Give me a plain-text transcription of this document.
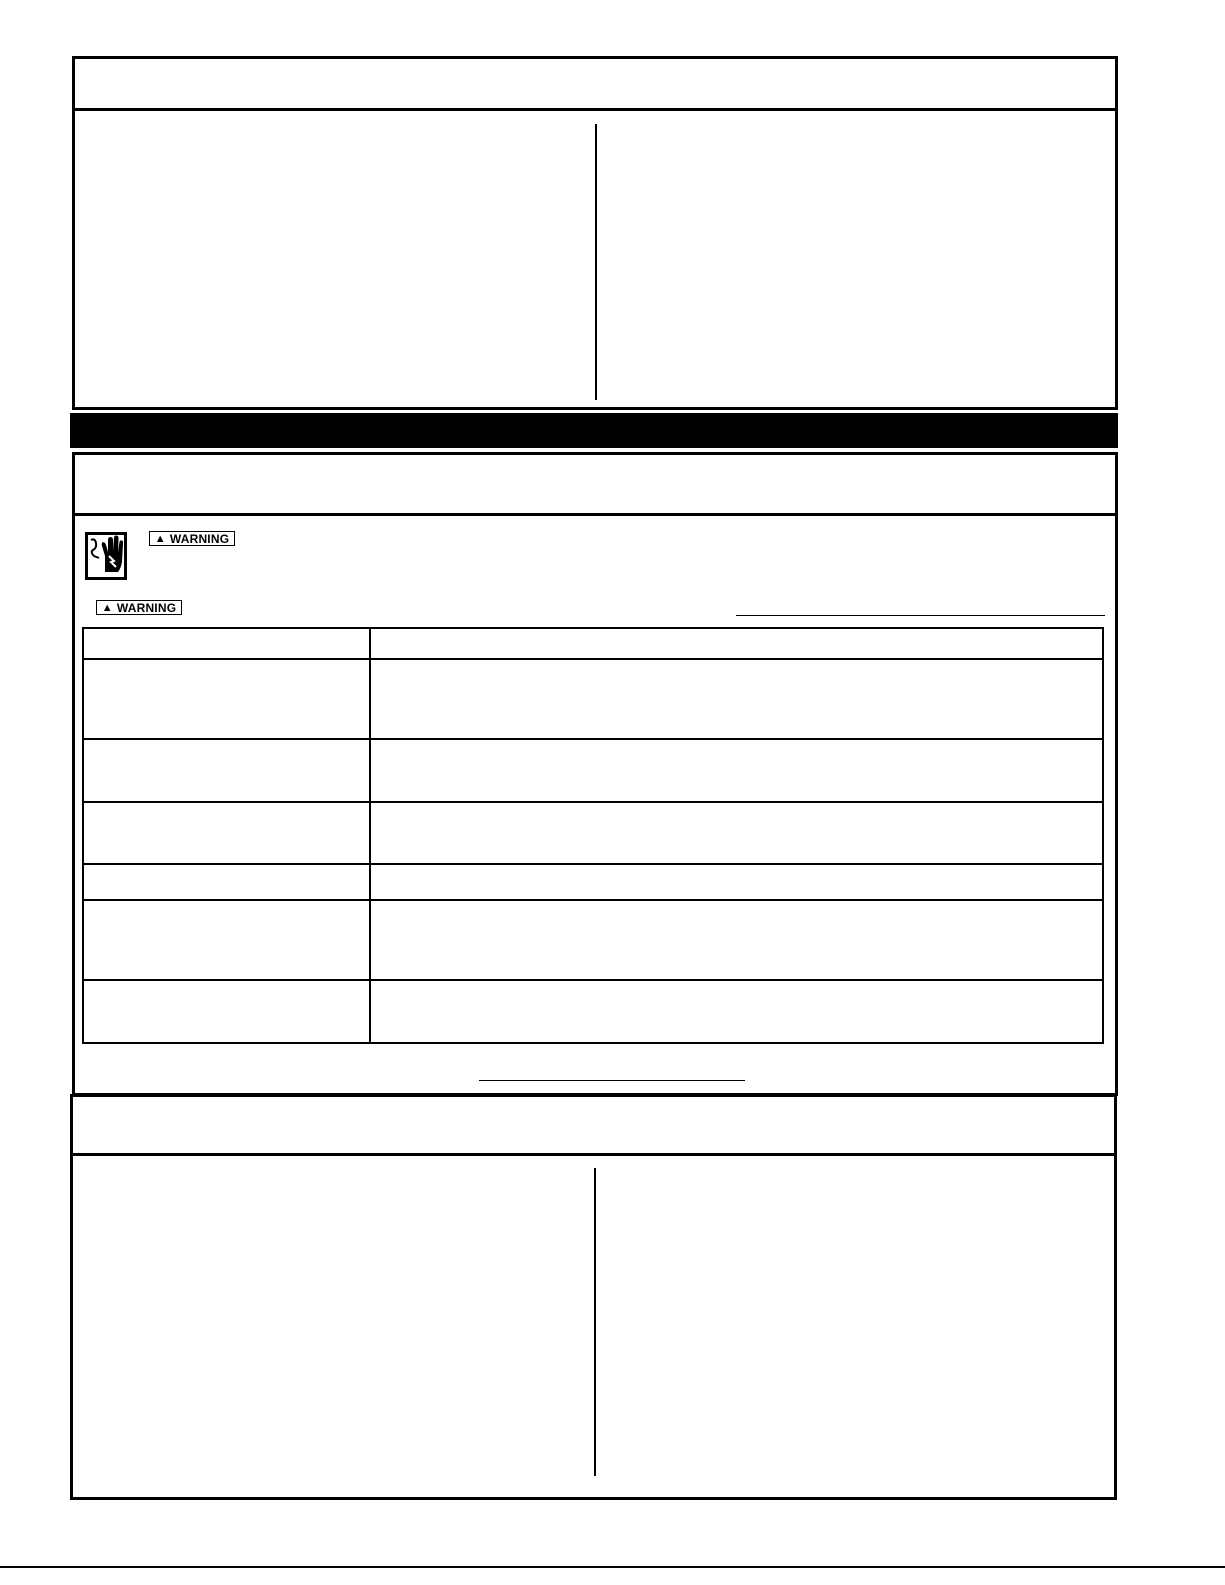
▲ WARNING
▲ WARNING
